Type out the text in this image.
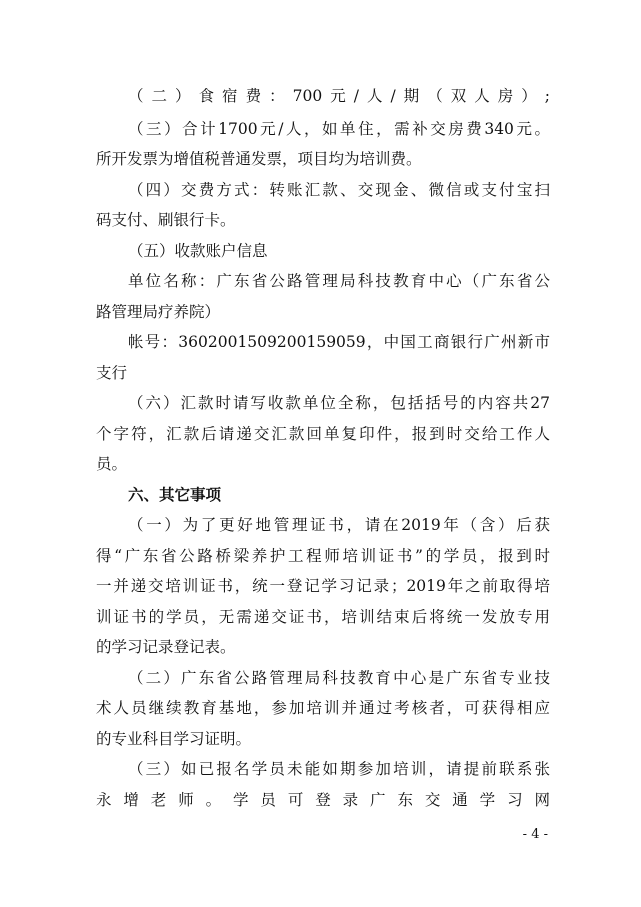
（二）食宿费：700元/人/期（双人房）;
（三）合计1700元/人，如单住，需补交房费340元。
所开发票为增值税普通发票，项目均为培训费。
（四）交费方式：转账汇款、交现金、微信或支付宝扫
码支付、刷银行卡。
（五）收款账户信息
单位名称：广东省公路管理局科技教育中心（广东省公
路管理局疗养院）
帐号：3602001509200159059，中国工商银行广州新市
支行
（六）汇款时请写收款单位全称，包括括号的内容共27
个字符，汇款后请递交汇款回单复印件，报到时交给工作人
员。
六、其它事项
（一）为了更好地管理证书，请在2019年（含）后获
得“广东省公路桥梁养护工程师培训证书”的学员，报到时
一并递交培训证书，统一登记学习记录；2019年之前取得培
训证书的学员，无需递交证书，培训结束后将统一发放专用
的学习记录登记表。
（二）广东省公路管理局科技教育中心是广东省专业技
术人员继续教育基地，参加培训并通过考核者，可获得相应
的专业科目学习证明。
（三）如已报名学员未能如期参加培训，请提前联系张
永增老师。学员可登录广东交通学习网
- 4 -
